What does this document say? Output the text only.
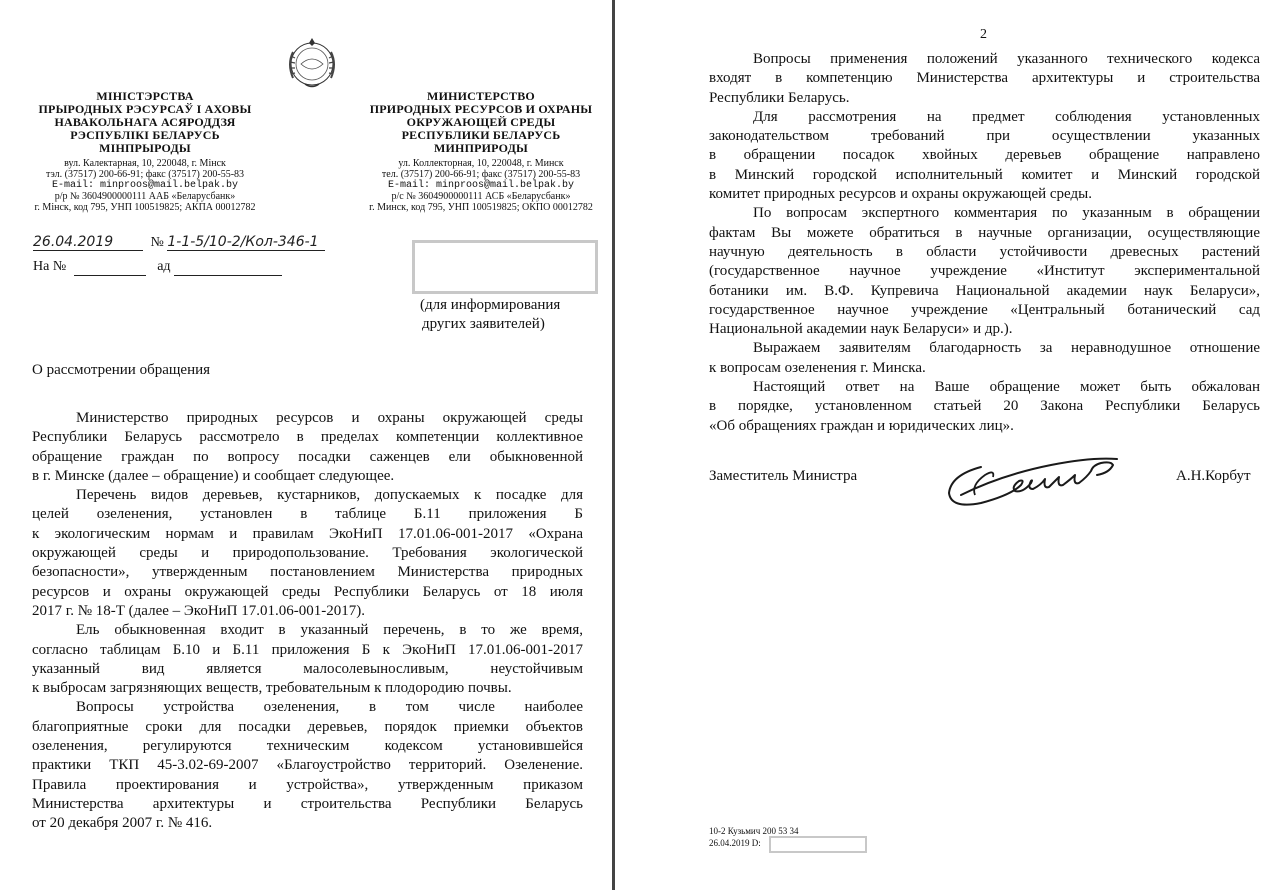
МІНІСТЭРСТВА
ПРЫРОДНЫХ РЭСУРСАЎ І АХОВЫ
НАВАКОЛЬНАГА АСЯРОДДЗЯ
РЭСПУБЛІКІ БЕЛАРУСЬ
МІНПРЫРОДЫ
вул. Калектарная, 10, 220048, г. Мінск
тэл. (37517) 200-66-91; факс (37517) 200-55-83
E-mail: minproos@mail.belpak.by
р/р № 3604900000111 ААБ «Беларусбанк»
г. Мінск, код 795, УНП 100519825; АКПА 00012782
МИНИСТЕРСТВО
ПРИРОДНЫХ РЕСУРСОВ И ОХРАНЫ
ОКРУЖАЮЩЕЙ СРЕДЫ
РЕСПУБЛИКИ БЕЛАРУСЬ
МИНПРИРОДЫ
ул. Коллекторная, 10, 220048, г. Минск
тел. (37517) 200-66-91; факс (37517) 200-55-83
E-mail: minproos@mail.belpak.by
р/с № 3604900000111 АСБ «Беларусбанк»
г. Минск, код 795, УНП 100519825; ОКПО 00012782
26.04.2019	№ 1-1-5/10-2/Кол-346-1
На №	ад
(для информирования
других заявителей)
О рассмотрении обращения

Министерство природных ресурсов и охраны окружающей среды

Республики Беларусь рассмотрело в пределах компетенции коллективное

обращение граждан по вопросу посадки саженцев ели обыкновенной

в г. Минске (далее – обращение) и сообщает следующее.

Перечень видов деревьев, кустарников, допускаемых к посадке для

целей озеленения, установлен в таблице Б.11 приложения Б

к экологическим нормам и правилам ЭкоНиП 17.01.06-001-2017 «Охрана

окружающей среды и природопользование. Требования экологической

безопасности», утвержденным постановлением Министерства природных

ресурсов и охраны окружающей среды Республики Беларусь от 18 июля

2017 г. № 18-Т (далее – ЭкоНиП 17.01.06-001-2017).

Ель обыкновенная входит в указанный перечень, в то же время,

согласно таблицам Б.10 и Б.11 приложения Б к ЭкоНиП 17.01.06-001-2017

указанный вид является малосолевыносливым, неустойчивым

к выбросам загрязняющих веществ, требовательным к плодородию почвы.

Вопросы устройства озеленения, в том числе наиболее

благоприятные сроки для посадки деревьев, порядок приемки объектов

озеленения, регулируются техническим кодексом установившейся

практики ТКП 45-3.02-69-2007 «Благоустройство территорий. Озеленение.

Правила проектирования и устройства», утвержденным приказом

Министерства архитектуры и строительства Республики Беларусь

от 20 декабря 2007 г. № 416.

2

Вопросы применения положений указанного технического кодекса

входят в компетенцию Министерства архитектуры и строительства

Республики Беларусь.

Для рассмотрения на предмет соблюдения установленных

законодательством требований при осуществлении указанных

в обращении посадок хвойных деревьев обращение направлено

в Минский городской исполнительный комитет и Минский городской

комитет природных ресурсов и охраны окружающей среды.

По вопросам экспертного комментария по указанным в обращении

фактам Вы можете обратиться в научные организации, осуществляющие

научную деятельность в области устойчивости древесных растений

(государственное научное учреждение «Институт экспериментальной

ботаники им. В.Ф. Купревича Национальной академии наук Беларуси»,

государственное научное учреждение «Центральный ботанический сад

Национальной академии наук Беларуси» и др.).

Выражаем заявителям благодарность за неравнодушное отношение

к вопросам озеленения г. Минска.

Настоящий ответ на Ваше обращение может быть обжалован

в порядке, установленном статьей 20 Закона Республики Беларусь

«Об обращениях граждан и юридических лиц».

Заместитель Министра	А.Н.Корбут
10-2 Кузьмич 200 53 34
26.04.2019 D:
